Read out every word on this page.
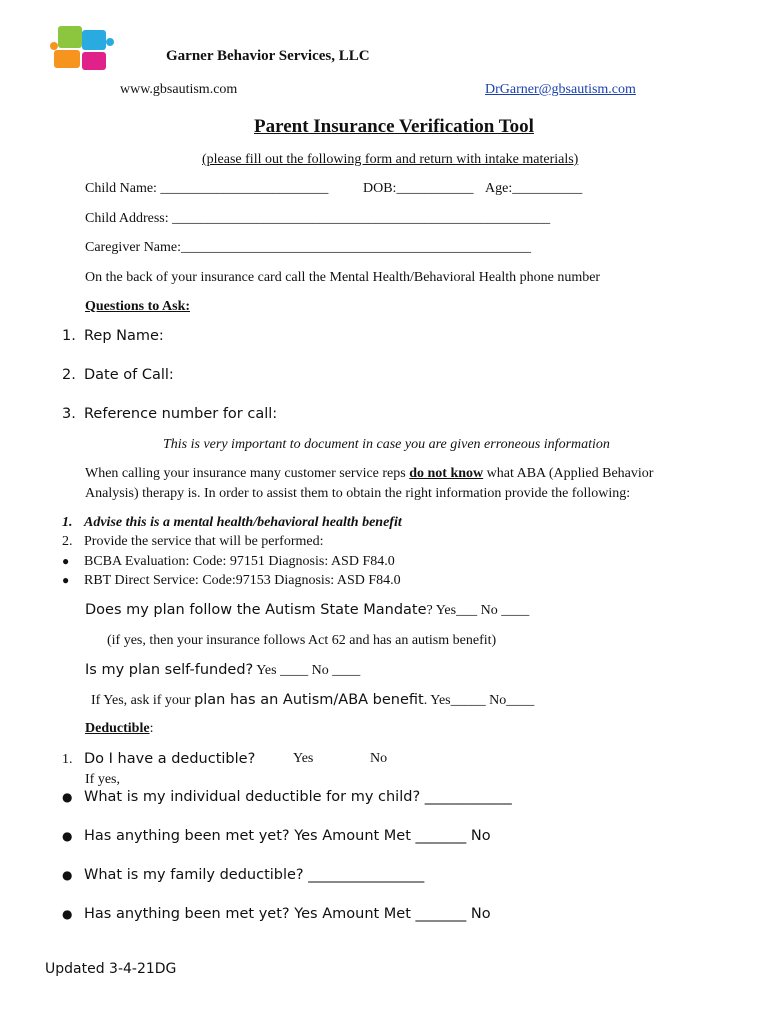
Garner Behavior Services, LLC
www.gbsautism.com	DrGarner@gbsautism.com
Parent Insurance Verification Tool
(please fill out the following form and return with intake materials)
Child Name: ________________________ DOB:___________ Age:__________
Child Address: ______________________________________________________
Caregiver Name:__________________________________________________
On the back of your insurance card call the Mental Health/Behavioral Health phone number
Questions to Ask:
1. Rep Name:
2. Date of Call:
3. Reference number for call:
This is very important to document in case you are given erroneous information
When calling your insurance many customer service reps do not know what ABA (Applied Behavior
Analysis) therapy is. In order to assist them to obtain the right information provide the following:
1. Advise this is a mental health/behavioral health benefit
2. Provide the service that will be performed:
● BCBA Evaluation: Code: 97151 Diagnosis: ASD F84.0
● RBT Direct Service: Code:97153 Diagnosis: ASD F84.0
Does my plan follow the Autism State Mandate? Yes___ No ____
(if yes, then your insurance follows Act 62 and has an autism benefit)
Is my plan self-funded? Yes ____ No ____
If Yes, ask if your plan has an Autism/ABA benefit. Yes_____ No____
Deductible:
1. Do I have a deductible?	Yes	No
If yes,
● What is my individual deductible for my child? ____________
● Has anything been met yet? Yes Amount Met _______ No
● What is my family deductible? ________________
● Has anything been met yet? Yes Amount Met _______ No
Updated 3-4-21DG
